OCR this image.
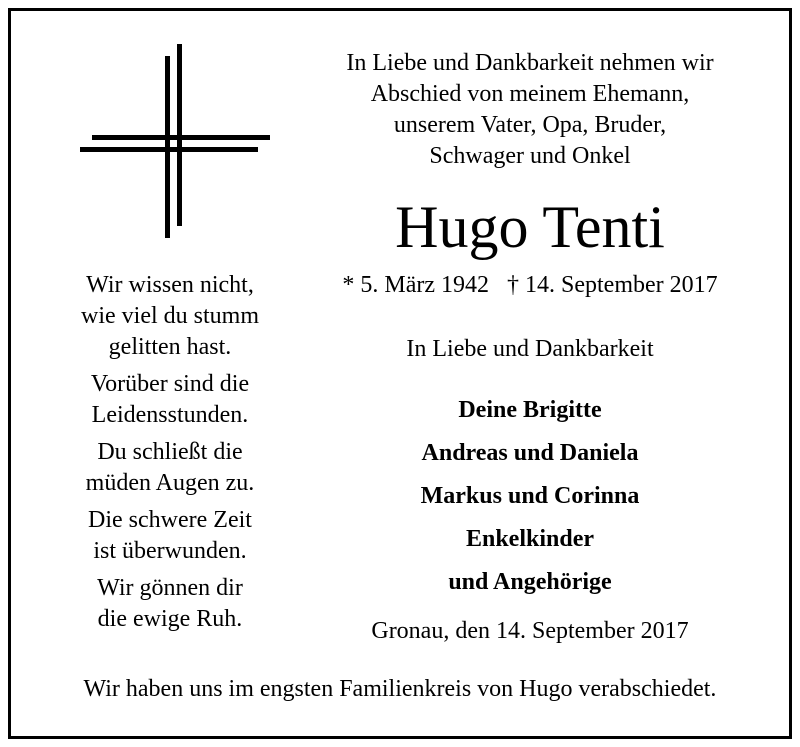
In Liebe und Dankbarkeit nehmen wir
Abschied von meinem Ehemann,
unserem Vater, Opa, Bruder,
Schwager und Onkel
Hugo Tenti
* 5. März 1942 † 14. September 2017
In Liebe und Dankbarkeit
Deine Brigitte
Andreas und Daniela
Markus und Corinna
Enkelkinder
und Angehörige
Wir wissen nicht,
wie viel du stumm
gelitten hast.
Vorüber sind die
Leidensstunden.
Du schließt die
müden Augen zu.
Die schwere Zeit
ist überwunden.
Wir gönnen dir
die ewige Ruh.	Gronau, den 14. September 2017
Wir haben uns im engsten Familienkreis von Hugo verabschiedet.
